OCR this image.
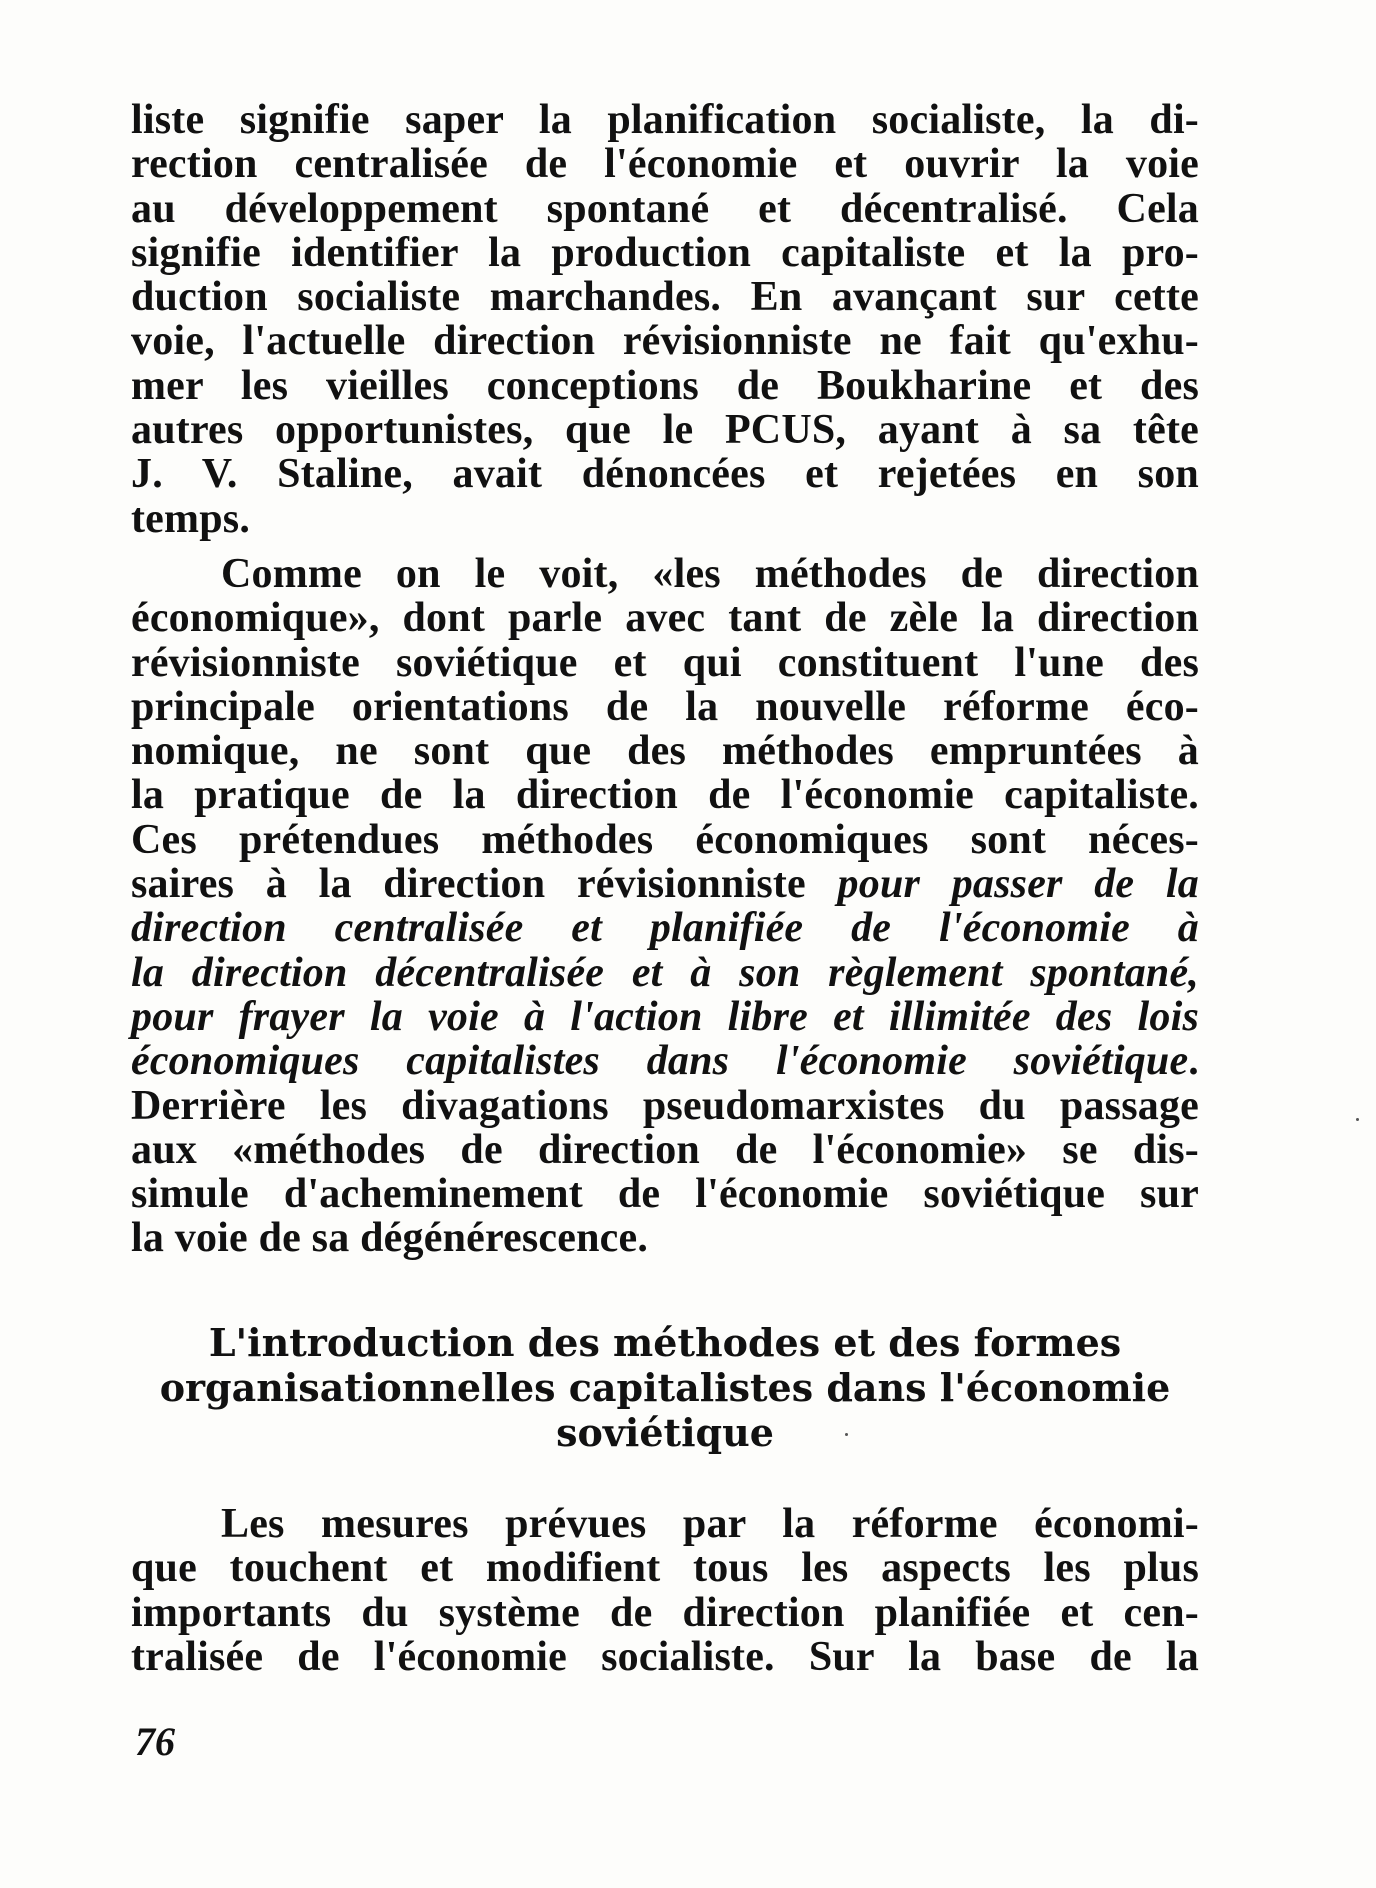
liste signifie saper la planification socialiste, la di-
rection centralisée de l'économie et ouvrir la voie
au développement spontané et décentralisé. Cela
signifie identifier la production capitaliste et la pro-
duction socialiste marchandes. En avançant sur cette
voie, l'actuelle direction révisionniste ne fait qu'exhu-
mer les vieilles conceptions de Boukharine et des
autres opportunistes, que le PCUS, ayant à sa tête
J. V. Staline, avait dénoncées et rejetées en son
temps.
Comme on le voit, «les méthodes de direction
économique», dont parle avec tant de zèle la direction
révisionniste soviétique et qui constituent l'une des
principale orientations de la nouvelle réforme éco-
nomique, ne sont que des méthodes empruntées à
la pratique de la direction de l'économie capitaliste.
Ces prétendues méthodes économiques sont néces-
saires à la direction révisionniste pour passer de la
direction centralisée et planifiée de l'économie à
la direction décentralisée et à son règlement spontané,
pour frayer la voie à l'action libre et illimitée des lois
économiques capitalistes dans l'économie soviétique.
Derrière les divagations pseudomarxistes du passage
aux «méthodes de direction de l'économie» se dis-
simule d'acheminement de l'économie soviétique sur
la voie de sa dégénérescence.
L'introduction des méthodes et des formes
organisationnelles capitalistes dans l'économie
soviétique
Les mesures prévues par la réforme économi-
que touchent et modifient tous les aspects les plus
importants du système de direction planifiée et cen-
tralisée de l'économie socialiste. Sur la base de la
76
